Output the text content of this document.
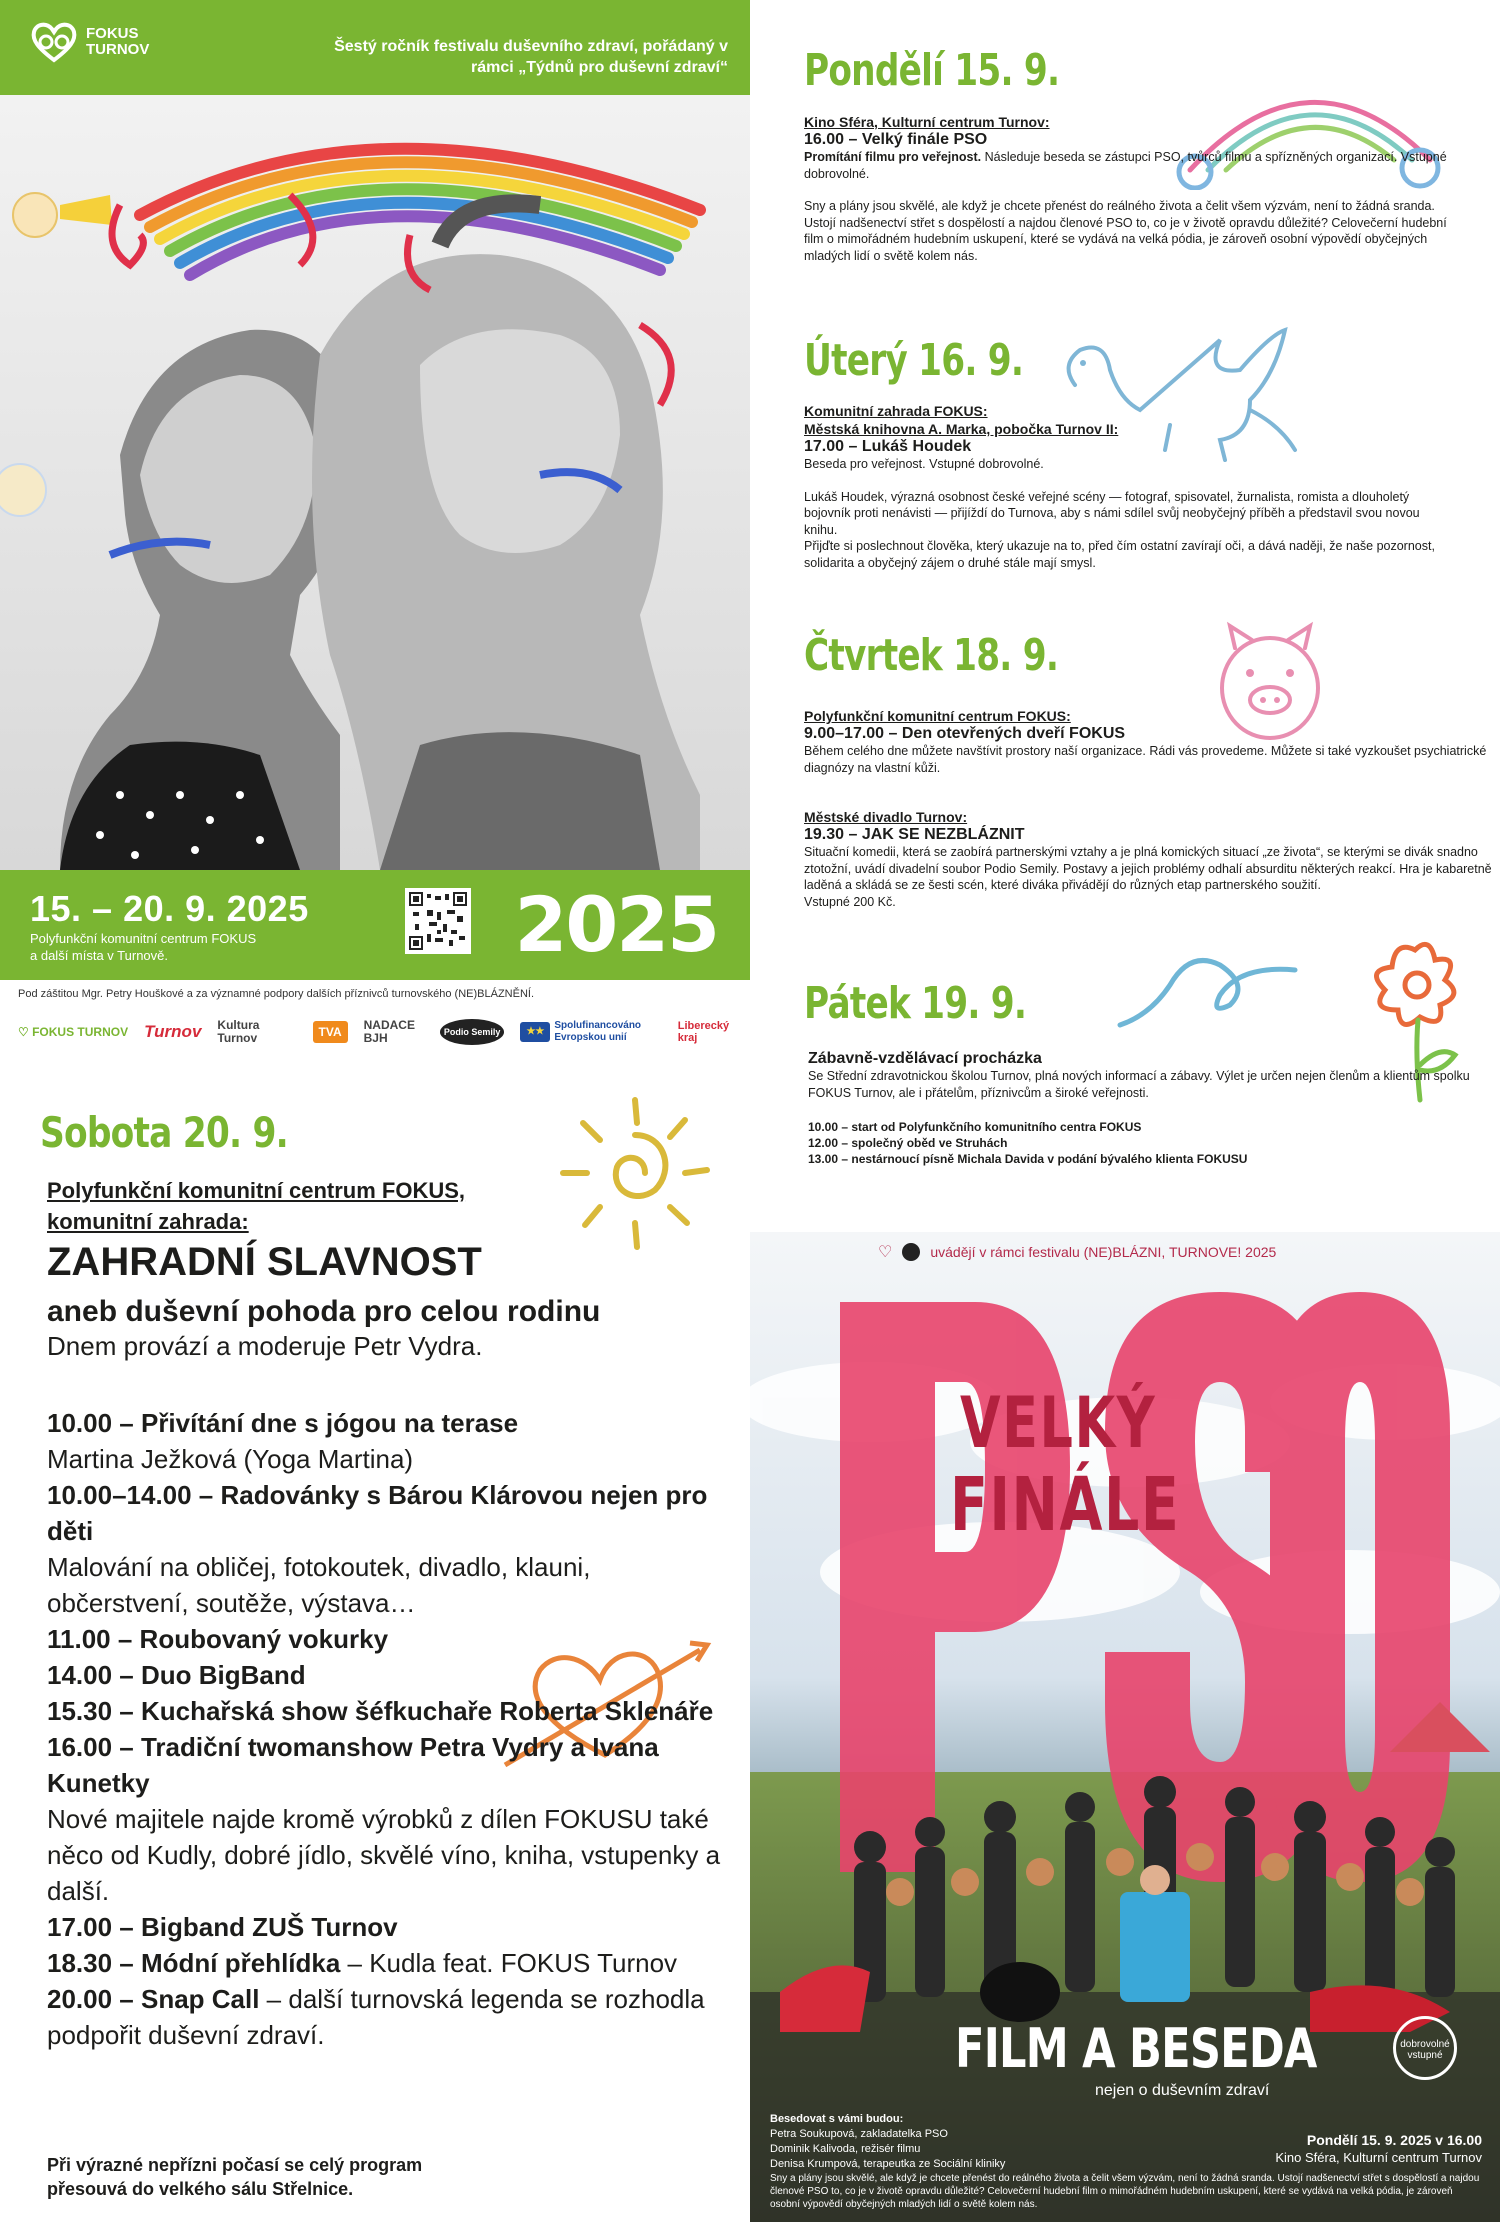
FOKUS
TURNOV	Šestý ročník festivalu duševního zdraví, pořádaný v rámci „Týdnů pro duševní zdraví“
15. – 20. 9. 2025
Polyfunkční komunitní centrum FOKUS
a další místa v Turnově.	2025
Pod záštitou Mgr. Petry Houškové a za významné podpory dalších příznivců turnovského (NE)BLÁZNĚNÍ.
♡ FOKUS TURNOV Turnov Kultura Turnov	TVA	NADACE BJH	Podio Semily	★★
Spolufinancováno Evropskou unií
Liberecký kraj
Sobota 20. 9.
Polyfunkční komunitní centrum FOKUS,
komunitní zahrada:
ZAHRADNÍ SLAVNOST
aneb duševní pohoda pro celou rodinu
Dnem provází a moderuje Petr Vydra.
10.00 – Přivítání dne s jógou na terase
Martina Ježková (Yoga Martina)
10.00–14.00 – Radovánky s Bárou Klárovou nejen pro děti
Malování na obličej, fotokoutek, divadlo, klauni, občerstvení, soutěže, výstava…
11.00 – Roubovaný vokurky
14.00 – Duo BigBand
15.30 – Kuchařská show šéfkuchaře Roberta Sklenáře
16.00 – Tradiční twomanshow Petra Vydry a Ivana Kunetky
Nové majitele najde kromě výrobků z dílen FOKUSU také něco od Kudly, dobré jídlo, skvělé víno, kniha, vstupenky a další.
17.00 – Bigband ZUŠ Turnov
18.30 – Módní přehlídka – Kudla feat. FOKUS Turnov
20.00 – Snap Call – další turnovská legenda se rozhodla podpořit duševní zdraví.
Při výrazné nepřízni počasí se celý program
přesouvá do velkého sálu Střelnice.
Pondělí 15. 9.
Kino Sféra, Kulturní centrum Turnov:
16.00 – Velký finále PSO
Promítání filmu pro veřejnost. Následuje beseda se zástupci PSO, tvůrců filmu a spřízněných organizací. Vstupné dobrovolné.
Sny a plány jsou skvělé, ale když je chcete přenést do reálného života a čelit všem výzvám, není to žádná sranda. Ustojí nadšenectví střet s dospělostí a najdou členové PSO to, co je v životě opravdu důležité? Celovečerní hudební film o mimořádném hudebním uskupení, které se vydává na velká pódia, je zároveň osobní výpovědí obyčejných mladých lidí o světě kolem nás.
Úterý 16. 9.
Komunitní zahrada FOKUS:
Městská knihovna A. Marka, pobočka Turnov II:
17.00 – Lukáš Houdek
Beseda pro veřejnost. Vstupné dobrovolné.
Lukáš Houdek, výrazná osobnost české veřejné scény — fotograf, spisovatel, žurnalista, romista a dlouholetý bojovník proti nenávisti — přijíždí do Turnova, aby s námi sdílel svůj neobyčejný příběh a představil svou novou knihu.
Přijďte si poslechnout člověka, který ukazuje na to, před čím ostatní zavírají oči, a dává naději, že naše pozornost, solidarita a obyčejný zájem o druhé stále mají smysl.
Čtvrtek 18. 9.
Polyfunkční komunitní centrum FOKUS:
9.00–17.00 – Den otevřených dveří FOKUS
Během celého dne můžete navštívit prostory naší organizace. Rádi vás provedeme. Můžete si také vyzkoušet psychiatrické diagnózy na vlastní kůži.
Městské divadlo Turnov:
19.30 – JAK SE NEZBLÁZNIT
Situační komedii, která se zaobírá partnerskými vztahy a je plná komických situací „ze života“, se kterými se divák snadno ztotožní, uvádí divadelní soubor Podio Semily. Postavy a jejich problémy odhalí absurditu některých reakcí. Hra je kabaretně laděná a skládá se ze šesti scén, které diváka přivádějí do různých etap partnerského soužití.
Vstupné 200 Kč.
Pátek 19. 9.
Zábavně-vzdělávací procházka
Se Střední zdravotnickou školou Turnov, plná nových informací a zábavy. Výlet je určen nejen členům a klientům spolku FOKUS Turnov, ale i přátelům, příznivcům a široké veřejnosti.
10.00 – start od Polyfunkčního komunitního centra FOKUS
12.00 – společný oběd ve Struhách
13.00 – nestárnoucí písně Michala Davida v podání bývalého klienta FOKUSU
♡	uvádějí v rámci festivalu (NE)BLÁZNI, TURNOVE! 2025
VELKÝ
FINÁLE
FILM A BESEDA
nejen o duševním zdraví
dobrovolné vstupné
Besedovat s vámi budou:
Petra Soukupová, zakladatelka PSO
Dominik Kalivoda, režisér filmu
Denisa Krumpová, terapeutka ze Sociální kliniky
Pondělí 15. 9. 2025 v 16.00
Kino Sféra, Kulturní centrum Turnov
Sny a plány jsou skvělé, ale když je chcete přenést do reálného života a čelit všem výzvám, není to žádná sranda. Ustojí nadšenectví střet s dospělostí a najdou členové PSO to, co je v životě opravdu důležité? Celovečerní hudební film o mimořádném hudebním uskupení, které se vydává na velká pódia, je zároveň osobní výpovědí obyčejných mladých lidí o světě kolem nás.
